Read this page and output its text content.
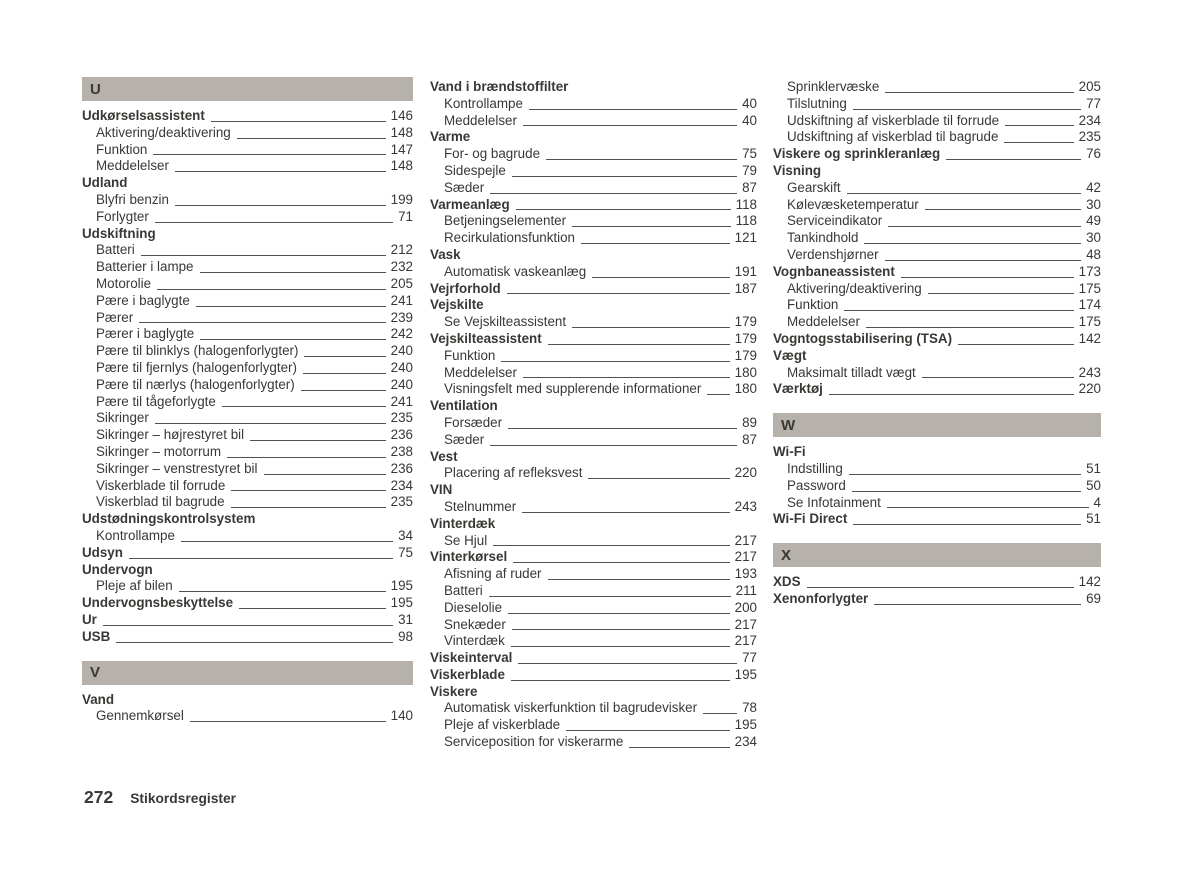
U
Udkørselsassistent	146
Aktivering/deaktivering	148
Funktion	147
Meddelelser	148
Udland
Blyfri benzin	199
Forlygter	71
Udskiftning
Batteri	212
Batterier i lampe	232
Motorolie	205
Pære i baglygte	241
Pærer	239
Pærer i baglygte	242
Pære til blinklys (halogenforlygter)	240
Pære til fjernlys (halogenforlygter)	240
Pære til nærlys (halogenforlygter)	240
Pære til tågeforlygte	241
Sikringer	235
Sikringer – højrestyret bil	236
Sikringer – motorrum	238
Sikringer – venstrestyret bil	236
Viskerblade til forrude	234
Viskerblad til bagrude	235
Udstødningskontrolsystem
Kontrollampe	34
Udsyn	75
Undervogn
Pleje af bilen	195
Undervognsbeskyttelse	195
Ur	31
USB	98
V
Vand
Gennemkørsel	140
Vand i brændstoffilter
Kontrollampe	40
Meddelelser	40
Varme
For- og bagrude	75
Sidespejle	79
Sæder	87
Varmeanlæg	118
Betjeningselementer	118
Recirkulationsfunktion	121
Vask
Automatisk vaskeanlæg	191
Vejrforhold	187
Vejskilte
Se Vejskilteassistent	179
Vejskilteassistent	179
Funktion	179
Meddelelser	180
Visningsfelt med supplerende informationer 180
Ventilation
Forsæder	89
Sæder	87
Vest
Placering af refleksvest	220
VIN
Stelnummer	243
Vinterdæk
Se Hjul	217
Vinterkørsel	217
Afisning af ruder	193
Batteri	211
Dieselolie	200
Snekæder	217
Vinterdæk	217
Viskeinterval	77
Viskerblade	195
Viskere
Automatisk viskerfunktion til bagrudevisker	78
Pleje af viskerblade	195
Serviceposition for viskerarme	234
Sprinklervæske	205
Tilslutning	77
Udskiftning af viskerblade til forrude	234
Udskiftning af viskerblad til bagrude	235
Viskere og sprinkleranlæg	76
Visning
Gearskift	42
Kølevæsketemperatur	30
Serviceindikator	49
Tankindhold	30
Verdenshjørner	48
Vognbaneassistent	173
Aktivering/deaktivering	175
Funktion	174
Meddelelser	175
Vogntogsstabilisering (TSA)	142
Vægt
Maksimalt tilladt vægt	243
Værktøj	220
W
Wi-Fi
Indstilling	51
Password	50
Se Infotainment	4
Wi-Fi Direct	51
X
XDS	142
Xenonforlygter	69
272 Stikordsregister
